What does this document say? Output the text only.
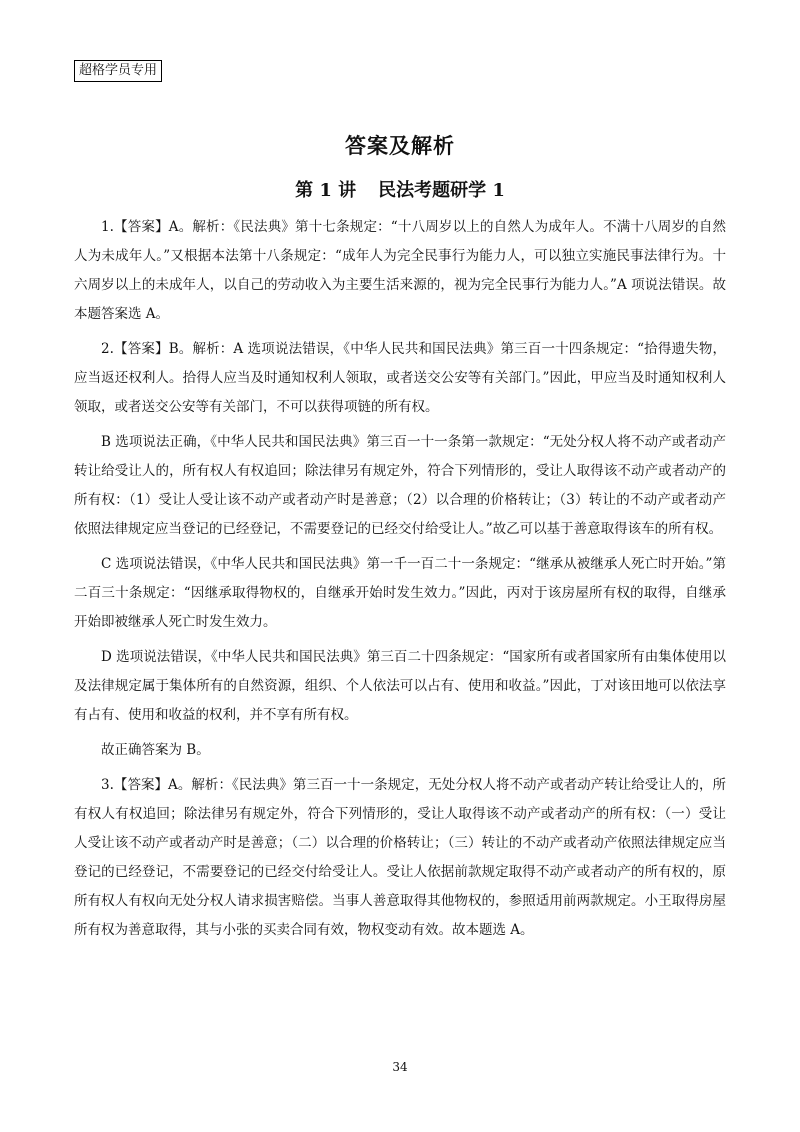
超格学员专用
答案及解析
第 1 讲 民法考题研学 1

1.【答案】A。解析：《民法典》第十七条规定：“十八周岁以上的自然人为成年人。不满十八周岁的自然人为未成年人。”又根据本法第十八条规定：“成年人为完全民事行为能力人，可以独立实施民事法律行为。十六周岁以上的未成年人，以自己的劳动收入为主要生活来源的，视为完全民事行为能力人。”A 项说法错误。故本题答案选 A。

2.【答案】B。解析：A 选项说法错误，《中华人民共和国民法典》第三百一十四条规定：“拾得遗失物，应当返还权利人。拾得人应当及时通知权利人领取，或者送交公安等有关部门。”因此，甲应当及时通知权利人领取，或者送交公安等有关部门，不可以获得项链的所有权。

B 选项说法正确，《中华人民共和国民法典》第三百一十一条第一款规定：“无处分权人将不动产或者动产转让给受让人的，所有权人有权追回；除法律另有规定外，符合下列情形的，受让人取得该不动产或者动产的所有权：（1）受让人受让该不动产或者动产时是善意；（2）以合理的价格转让；（3）转让的不动产或者动产依照法律规定应当登记的已经登记，不需要登记的已经交付给受让人。”故乙可以基于善意取得该车的所有权。

C 选项说法错误，《中华人民共和国民法典》第一千一百二十一条规定：“继承从被继承人死亡时开始。”第二百三十条规定：“因继承取得物权的，自继承开始时发生效力。”因此，丙对于该房屋所有权的取得，自继承开始即被继承人死亡时发生效力。

D 选项说法错误，《中华人民共和国民法典》第三百二十四条规定：“国家所有或者国家所有由集体使用以及法律规定属于集体所有的自然资源，组织、个人依法可以占有、使用和收益。”因此，丁对该田地可以依法享有占有、使用和收益的权利，并不享有所有权。

故正确答案为 B。

3.【答案】A。解析：《民法典》第三百一十一条规定，无处分权人将不动产或者动产转让给受让人的，所有权人有权追回；除法律另有规定外，符合下列情形的，受让人取得该不动产或者动产的所有权：（一）受让人受让该不动产或者动产时是善意；（二）以合理的价格转让；（三）转让的不动产或者动产依照法律规定应当登记的已经登记，不需要登记的已经交付给受让人。受让人依据前款规定取得不动产或者动产的所有权的，原所有权人有权向无处分权人请求损害赔偿。当事人善意取得其他物权的，参照适用前两款规定。小王取得房屋所有权为善意取得，其与小张的买卖合同有效，物权变动有效。故本题选 A。

34
